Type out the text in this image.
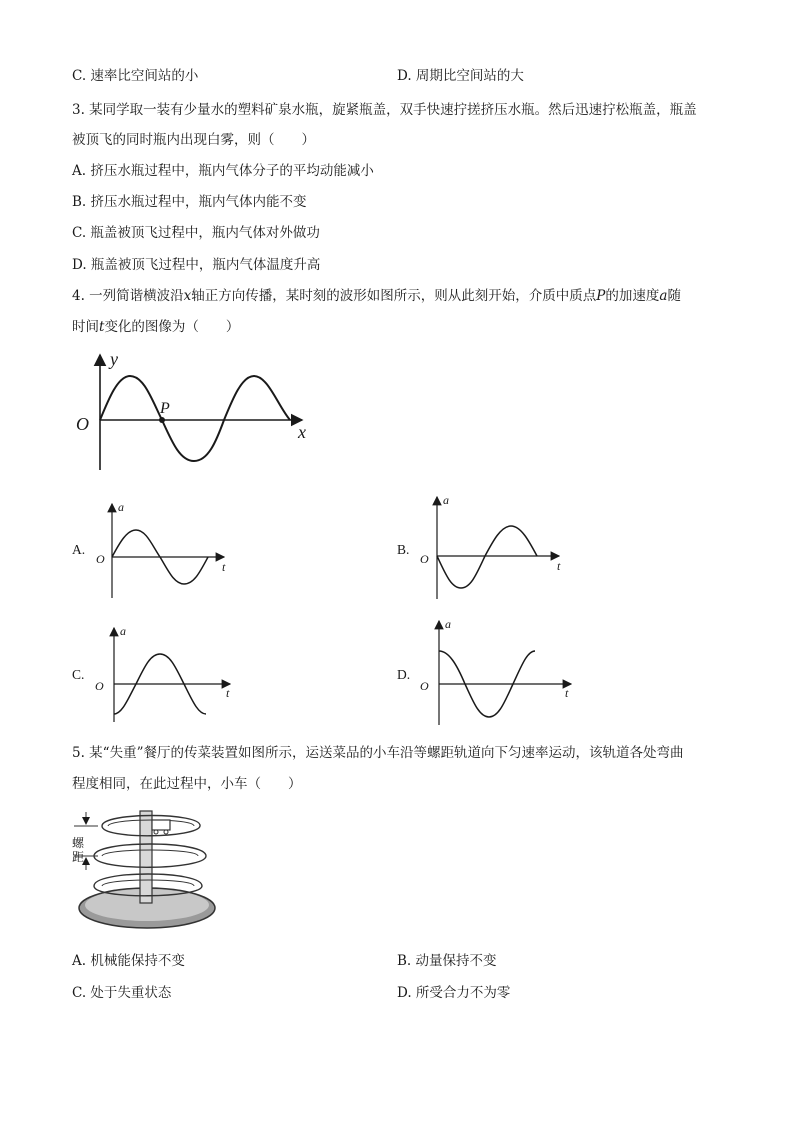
C. 速率比空间站的小	D. 周期比空间站的大
3. 某同学取一装有少量水的塑料矿泉水瓶，旋紧瓶盖，双手快速拧搓挤压水瓶。然后迅速拧松瓶盖，瓶盖
被顶飞的同时瓶内出现白雾，则（　　）
A. 挤压水瓶过程中，瓶内气体分子的平均动能减小
B. 挤压水瓶过程中，瓶内气体内能不变
C. 瓶盖被顶飞过程中，瓶内气体对外做功
D. 瓶盖被顶飞过程中，瓶内气体温度升高
4. 一列简谐横波沿x轴正方向传播，某时刻的波形如图所示，则从此刻开始，介质中质点P的加速度a随
时间t变化的图像为（　　）
y
x
O
P
A.
a
t
O
B.
a
t
O
C.
a
t
O
D.
a
t
O
5. 某“失重”餐厅的传菜装置如图所示，运送菜品的小车沿等螺距轨道向下匀速率运动，该轨道各处弯曲
程度相同，在此过程中，小车（　　）
螺距
A. 机械能保持不变	B. 动量保持不变
C. 处于失重状态	D. 所受合力不为零
